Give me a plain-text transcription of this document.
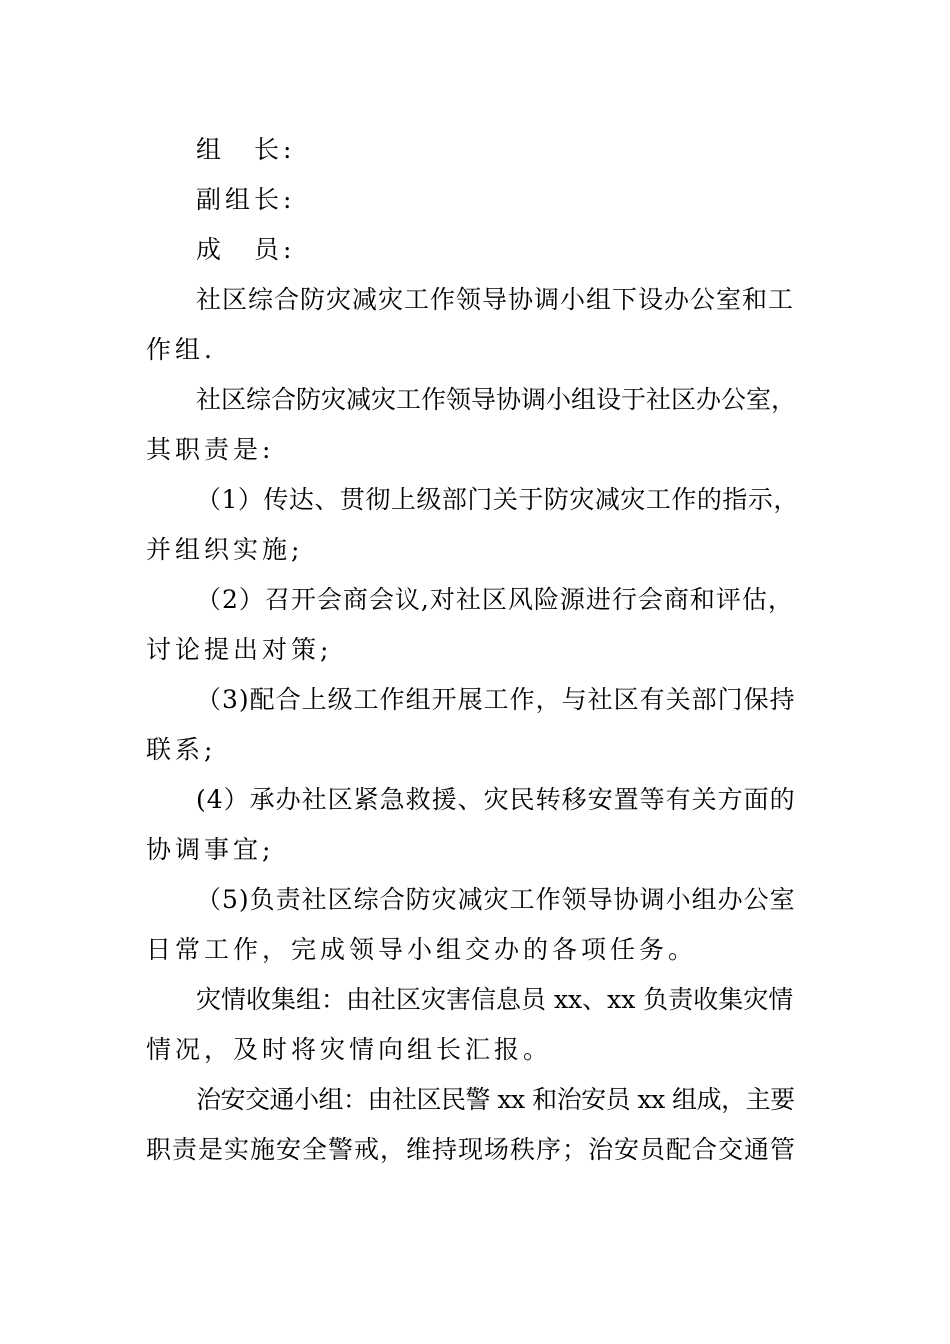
组　长:
副组长:
成　员:
社区综合防灾减灾工作领导协调小组下设办公室和工
作组.
社区综合防灾减灾工作领导协调小组设于社区办公室，
其职责是:
（1）传达、贯彻上级部门关于防灾减灾工作的指示，
并组织实施;
（2）召开会商会议,对社区风险源进行会商和评估，
讨论提出对策;
（3)配合上级工作组开展工作，与社区有关部门保持
联系;
(4）承办社区紧急救援、灾民转移安置等有关方面的
协调事宜;
（5)负责社区综合防灾减灾工作领导协调小组办公室
日常工作，完成领导小组交办的各项任务。
灾情收集组：由社区灾害信息员 xx、xx 负责收集灾情
情况，及时将灾情向组长汇报。
治安交通小组：由社区民警 xx 和治安员 xx 组成，主要
职责是实施安全警戒，维持现场秩序；治安员配合交通管
